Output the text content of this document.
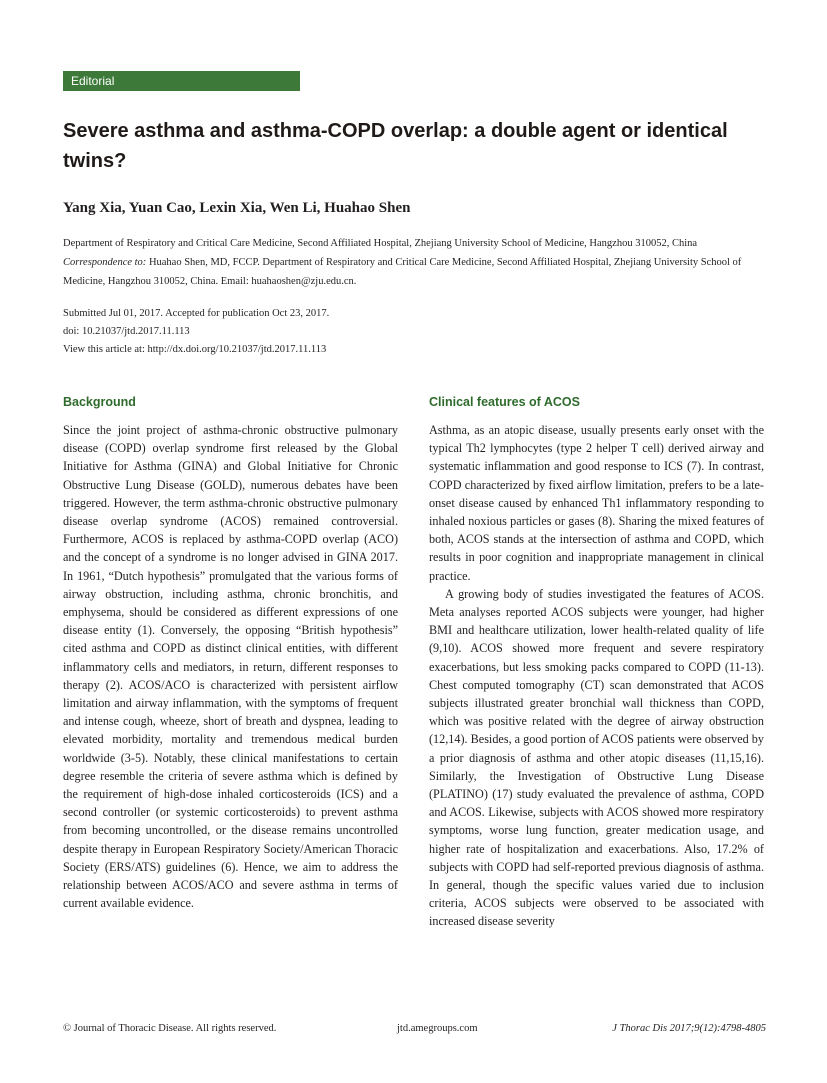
Editorial
Severe asthma and asthma-COPD overlap: a double agent or identical twins?

Yang Xia, Yuan Cao, Lexin Xia, Wen Li, Huahao Shen

Department of Respiratory and Critical Care Medicine, Second Affiliated Hospital, Zhejiang University School of Medicine, Hangzhou 310052, China
Correspondence to: Huahao Shen, MD, FCCP. Department of Respiratory and Critical Care Medicine, Second Affiliated Hospital, Zhejiang University School of Medicine, Hangzhou 310052, China. Email: huahaoshen@zju.edu.cn.
Submitted Jul 01, 2017. Accepted for publication Oct 23, 2017.
doi: 10.21037/jtd.2017.11.113
View this article at: http://dx.doi.org/10.21037/jtd.2017.11.113
Background

Since the joint project of asthma-chronic obstructive pulmonary disease (COPD) overlap syndrome first released by the Global Initiative for Asthma (GINA) and Global Initiative for Chronic Obstructive Lung Disease (GOLD), numerous debates have been triggered. However, the term asthma-chronic obstructive pulmonary disease overlap syndrome (ACOS) remained controversial. Furthermore, ACOS is replaced by asthma-COPD overlap (ACO) and the concept of a syndrome is no longer advised in GINA 2017. In 1961, “Dutch hypothesis” promulgated that the various forms of airway obstruction, including asthma, chronic bronchitis, and emphysema, should be considered as different expressions of one disease entity (1). Conversely, the opposing “British hypothesis” cited asthma and COPD as distinct clinical entities, with different inflammatory cells and mediators, in return, different responses to therapy (2). ACOS/ACO is characterized with persistent airflow limitation and airway inflammation, with the symptoms of frequent and intense cough, wheeze, short of breath and dyspnea, leading to elevated morbidity, mortality and tremendous medical burden worldwide (3-5). Notably, these clinical manifestations to certain degree resemble the criteria of severe asthma which is defined by the requirement of high-dose inhaled corticosteroids (ICS) and a second controller (or systemic corticosteroids) to prevent asthma from becoming uncontrolled, or the disease remains uncontrolled despite therapy in European Respiratory Society/American Thoracic Society (ERS/ATS) guidelines (6). Hence, we aim to address the relationship between ACOS/ACO and severe asthma in terms of current available evidence.

Clinical features of ACOS

Asthma, as an atopic disease, usually presents early onset with the typical Th2 lymphocytes (type 2 helper T cell) derived airway and systematic inflammation and good response to ICS (7). In contrast, COPD characterized by fixed airflow limitation, prefers to be a late-onset disease caused by enhanced Th1 inflammatory responding to inhaled noxious particles or gases (8). Sharing the mixed features of both, ACOS stands at the intersection of asthma and COPD, which results in poor cognition and inappropriate management in clinical practice.

A growing body of studies investigated the features of ACOS. Meta analyses reported ACOS subjects were younger, had higher BMI and healthcare utilization, lower health-related quality of life (9,10). ACOS showed more frequent and severe respiratory exacerbations, but less smoking packs compared to COPD (11-13). Chest computed tomography (CT) scan demonstrated that ACOS subjects illustrated greater bronchial wall thickness than COPD, which was positive related with the degree of airway obstruction (12,14). Besides, a good portion of ACOS patients were observed by a prior diagnosis of asthma and other atopic diseases (11,15,16). Similarly, the Investigation of Obstructive Lung Disease (PLATINO) (17) study evaluated the prevalence of asthma, COPD and ACOS. Likewise, subjects with ACOS showed more respiratory symptoms, worse lung function, greater medication usage, and higher rate of hospitalization and exacerbations. Also, 17.2% of subjects with COPD had self-reported previous diagnosis of asthma. In general, though the specific values varied due to inclusion criteria, ACOS subjects were observed to be associated with increased disease severity

© Journal of Thoracic Disease. All rights reserved.	jtd.amegroups.com	J Thorac Dis 2017;9(12):4798-4805
